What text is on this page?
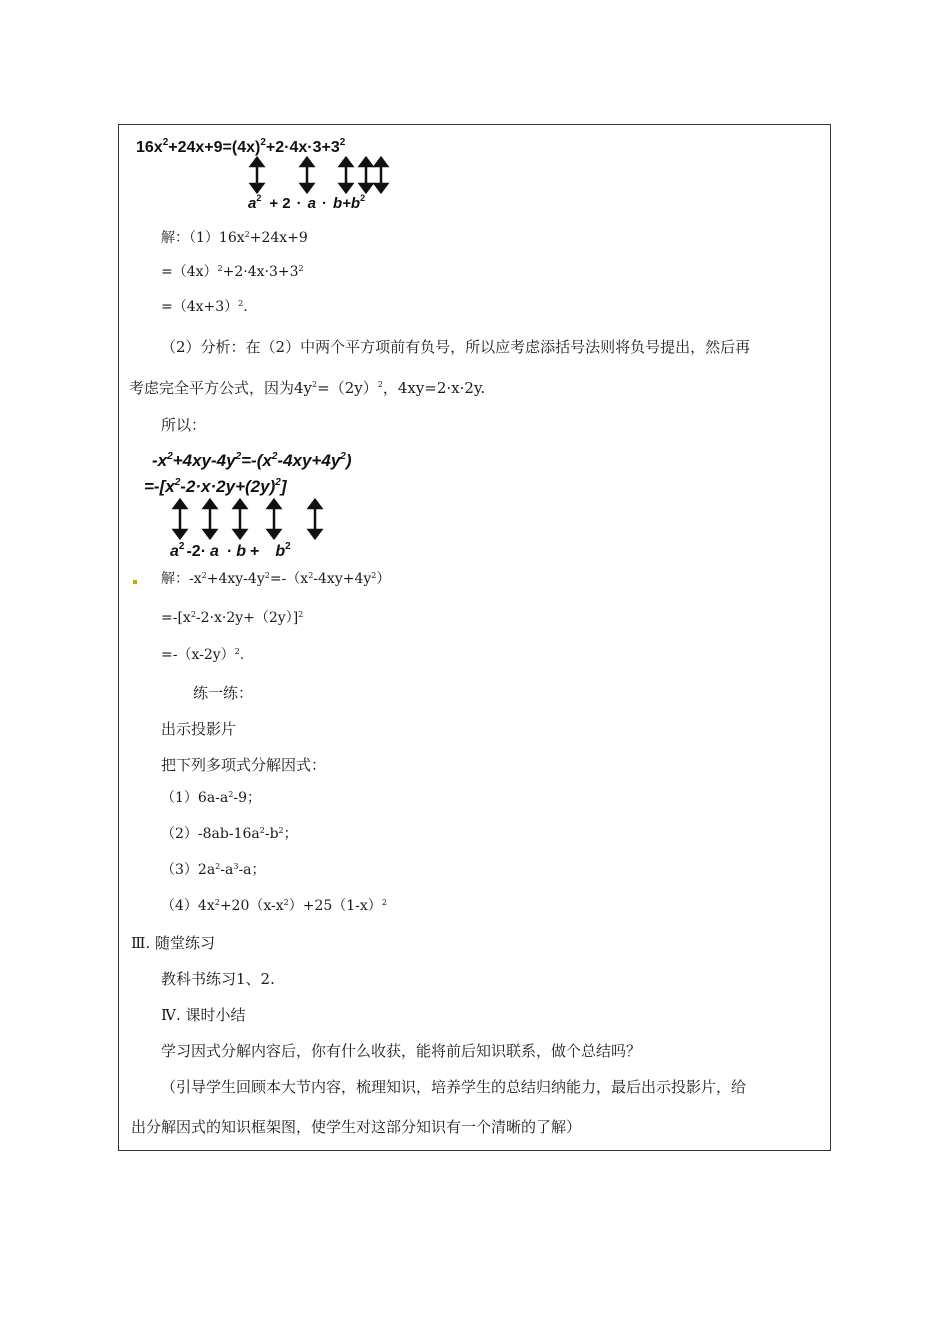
$16x^2+24x+9=(4x)^2+2\cdot 4x\cdot 3+3^2$
$a^2 + 2 \cdot a \cdot b+b^2$
解：$(1)16x^2+24x+9$
$=(4x)^2+2\cdot 4x\cdot 3+3^2$
$=(4x+3)^2$.
（2）分析：在（2）中两个平方项前有负号，所以应考虑添括号法则将负号提出，然后再
考虑完全平方公式，因为$4y^2=(2y)^2$，4xy=2·x·2y.
所以：
$-x^2+4xy-4y^2=-(x^2-4xy+4y^2)$
$=-[x^2-2\cdot x\cdot 2y+(2y)^2]$
$a^2$ $-2\cdot a \cdot b + b^2$
解：$-x^2+4xy-4y^2=-(x^2-4xy+4y^2)$
$=-[x^2-2\cdot x\cdot 2y+(2y)]^2$
$=-(x-2y)^2$.
练一练：
出示投影片
把下列多项式分解因式：
$(1)6a-a^2-9$；
$(2)-8ab-16a^2-b^2$；
$(3)2a^2-a^3-a$；
$(4)4x^2+20(x-x^2)+25(1-x)^2$
Ⅲ. 随堂练习
教科书练习1、2.
Ⅳ. 课时小结
学习因式分解内容后，你有什么收获，能将前后知识联系，做个总结吗？
（引导学生回顾本大节内容，梳理知识，培养学生的总结归纳能力，最后出示投影片，给
出分解因式的知识框架图，使学生对这部分知识有一个清晰的了解）
